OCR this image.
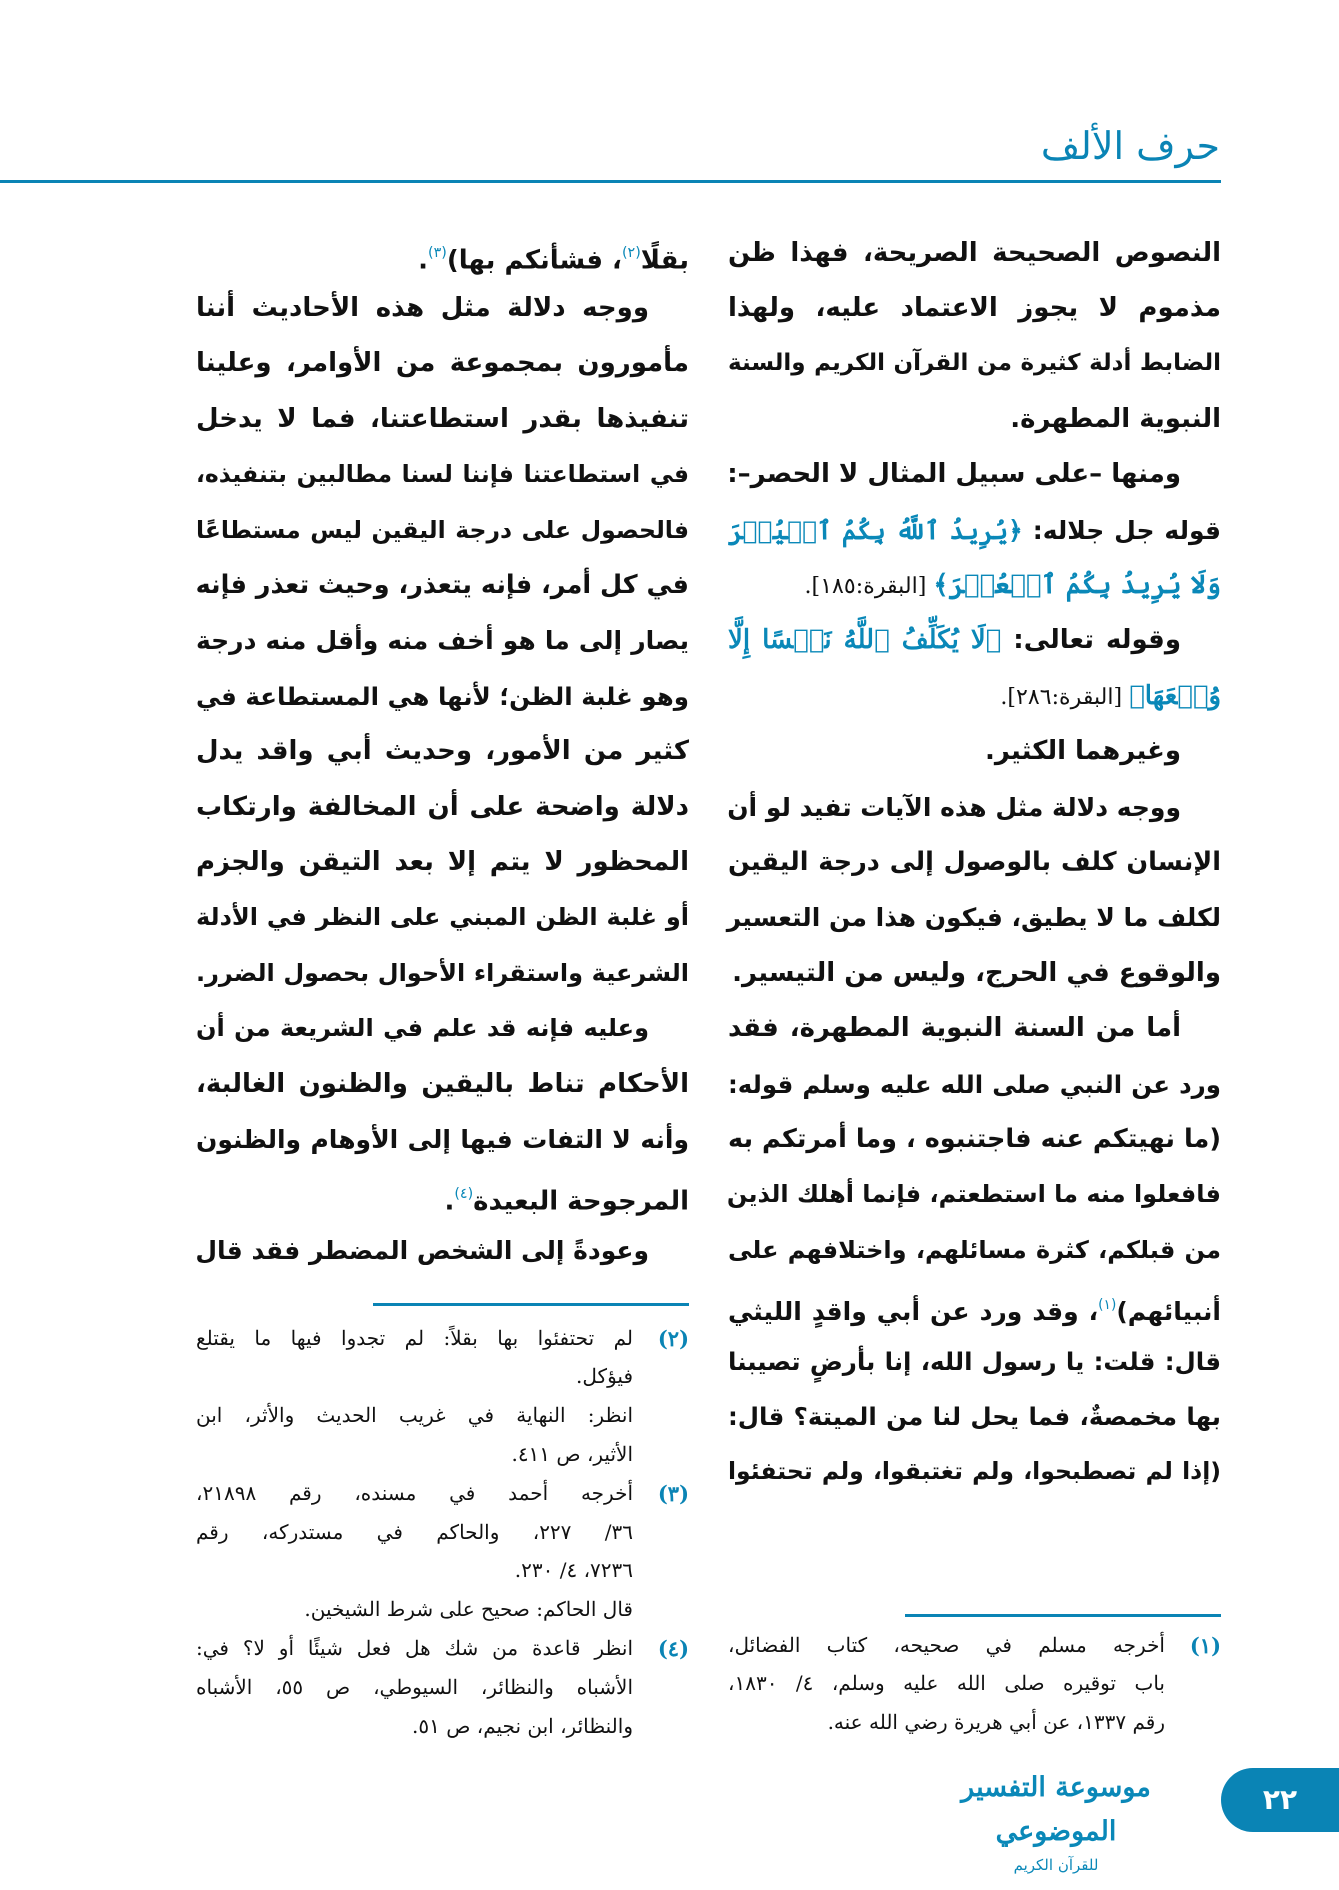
حرف الألف
النصوص الصحيحة الصريحة، فهذا ظن
مذموم لا يجوز الاعتماد عليه، ولهذا
الضابط أدلة كثيرة من القرآن الكريم والسنة
النبوية المطهرة.
ومنها –على سبيل المثال لا الحصر–:
قوله جل جلاله: ﴿يُرِيدُ ٱللَّهُ بِكُمُ ٱلۡيُسۡرَ
وَلَا يُرِيدُ بِكُمُ ٱلۡعُسۡرَ﴾ [البقرة:١٨٥].
وقوله تعالى: ﴿لَا يُكَلِّفُ ٱللَّهُ نَفۡسًا إِلَّا
وُسۡعَهَا﴾ [البقرة:٢٨٦].
وغيرهما الكثير.
ووجه دلالة مثل هذه الآيات تفيد لو أن
الإنسان كلف بالوصول إلى درجة اليقين
لكلف ما لا يطيق، فيكون هذا من التعسير
والوقوع في الحرج، وليس من التيسير.
أما من السنة النبوية المطهرة، فقد
ورد عن النبي صلى الله عليه وسلم قوله:
(ما نهيتكم عنه فاجتنبوه ، وما أمرتكم به
فافعلوا منه ما استطعتم، فإنما أهلك الذين
من قبلكم، كثرة مسائلهم، واختلافهم على
أنبيائهم)$^{(١)}$، وقد ورد عن أبي واقدٍ الليثي
قال: قلت: يا رسول الله، إنا بأرضٍ تصيبنا
بها مخمصةٌ، فما يحل لنا من الميتة؟ قال:
(إذا لم تصطبحوا، ولم تغتبقوا، ولم تحتفئوا
بقلًا$^{(٢)}$، فشأنكم بها)$^{(٣)}$.
ووجه دلالة مثل هذه الأحاديث أننا
مأمورون بمجموعة من الأوامر، وعلينا
تنفيذها بقدر استطاعتنا، فما لا يدخل
في استطاعتنا فإننا لسنا مطالبين بتنفيذه،
فالحصول على درجة اليقين ليس مستطاعًا
في كل أمر، فإنه يتعذر، وحيث تعذر فإنه
يصار إلى ما هو أخف منه وأقل منه درجة
وهو غلبة الظن؛ لأنها هي المستطاعة في
كثير من الأمور، وحديث أبي واقد يدل
دلالة واضحة على أن المخالفة وارتكاب
المحظور لا يتم إلا بعد التيقن والجزم
أو غلبة الظن المبني على النظر في الأدلة
الشرعية واستقراء الأحوال بحصول الضرر.
وعليه فإنه قد علم في الشريعة من أن
الأحكام تناط باليقين والظنون الغالبة،
وأنه لا التفات فيها إلى الأوهام والظنون
المرجوحة البعيدة$^{(٤)}$.
وعودةً إلى الشخص المضطر فقد قال
(٢)
لم تحتفئوا بها بقلاً: لم تجدوا فيها ما يقتلع
فيؤكل.
انظر: النهاية في غريب الحديث والأثر، ابن
الأثير، ص ٤١١.
(٣)
أخرجه أحمد في مسنده، رقم ٢١٨٩٨،
٣٦/ ٢٢٧، والحاكم في مستدركه، رقم
٧٢٣٦، ٤/ ٢٣٠.
قال الحاكم: صحيح على شرط الشيخين.
(٤)
انظر قاعدة من شك هل فعل شيئًا أو لا؟ في:
الأشباه والنظائر، السيوطي، ص ٥٥، الأشباه
والنظائر، ابن نجيم، ص ٥١.
(١)
أخرجه مسلم في صحيحه، كتاب الفضائل،
باب توقيره صلى الله عليه وسلم، ٤/ ١٨٣٠،
رقم ١٣٣٧، عن أبي هريرة رضي الله عنه.
موسوعة التفسير الموضوعي
للقرآن الكريم
٢٢
